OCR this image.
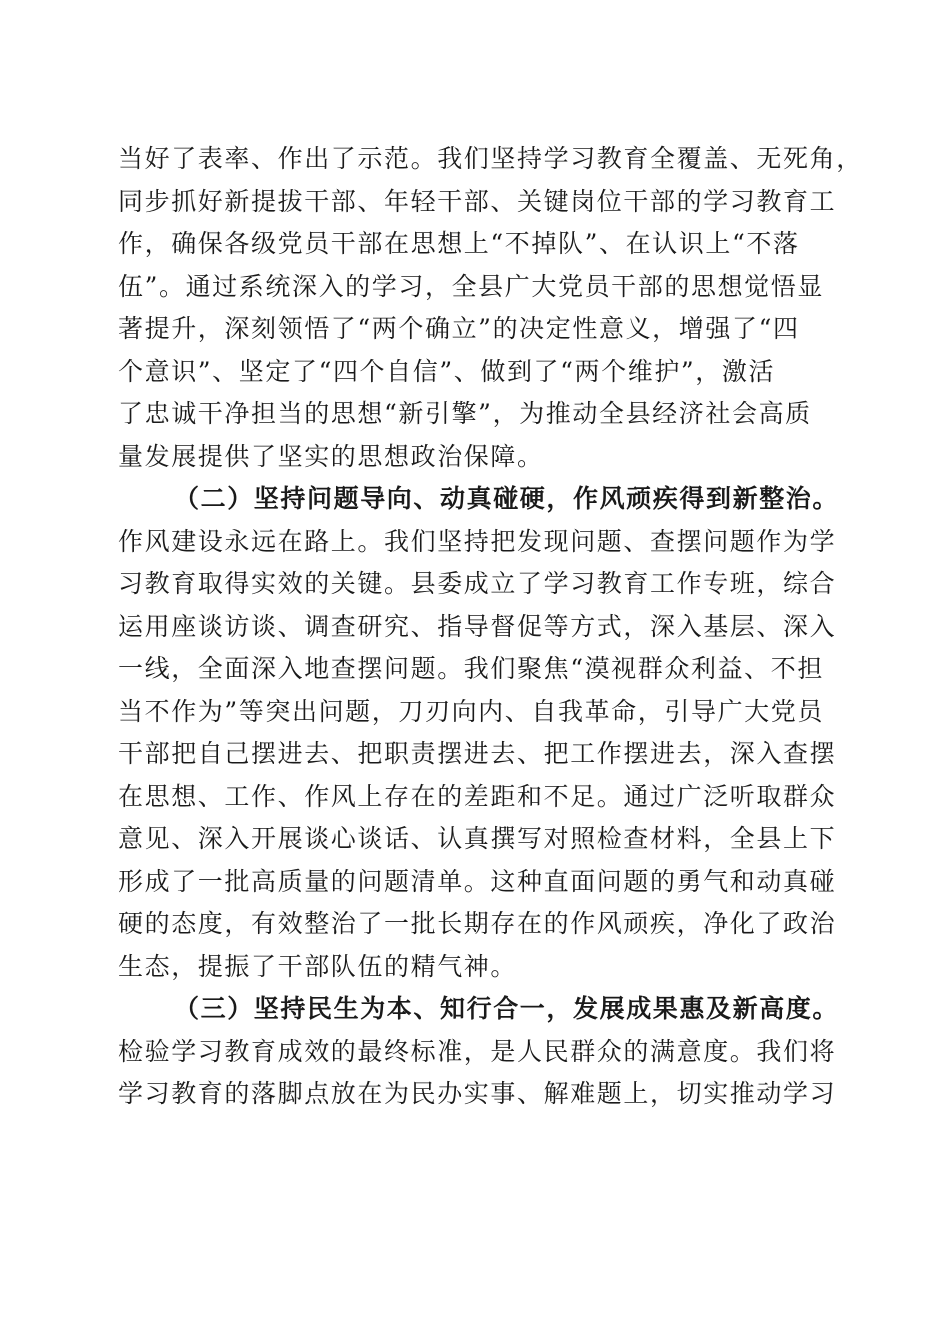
当好了表率、作出了示范。我们坚持学习教育全覆盖、无死角，
同步抓好新提拔干部、年轻干部、关键岗位干部的学习教育工
作，确保各级党员干部在思想上“不掉队”、在认识上“不落
伍”。通过系统深入的学习，全县广大党员干部的思想觉悟显
著提升，深刻领悟了“两个确立”的决定性意义，增强了“四
个意识”、坚定了“四个自信”、做到了“两个维护”，激活
了忠诚干净担当的思想“新引擎”，为推动全县经济社会高质
量发展提供了坚实的思想政治保障。
（二）坚持问题导向、动真碰硬，作风顽疾得到新整治。
作风建设永远在路上。我们坚持把发现问题、查摆问题作为学
习教育取得实效的关键。县委成立了学习教育工作专班，综合
运用座谈访谈、调查研究、指导督促等方式，深入基层、深入
一线，全面深入地查摆问题。我们聚焦“漠视群众利益、不担
当不作为”等突出问题，刀刃向内、自我革命，引导广大党员
干部把自己摆进去、把职责摆进去、把工作摆进去，深入查摆
在思想、工作、作风上存在的差距和不足。通过广泛听取群众
意见、深入开展谈心谈话、认真撰写对照检查材料，全县上下
形成了一批高质量的问题清单。这种直面问题的勇气和动真碰
硬的态度，有效整治了一批长期存在的作风顽疾，净化了政治
生态，提振了干部队伍的精气神。
（三）坚持民生为本、知行合一，发展成果惠及新高度。
检验学习教育成效的最终标准，是人民群众的满意度。我们将
学习教育的落脚点放在为民办实事、解难题上，切实推动学习
